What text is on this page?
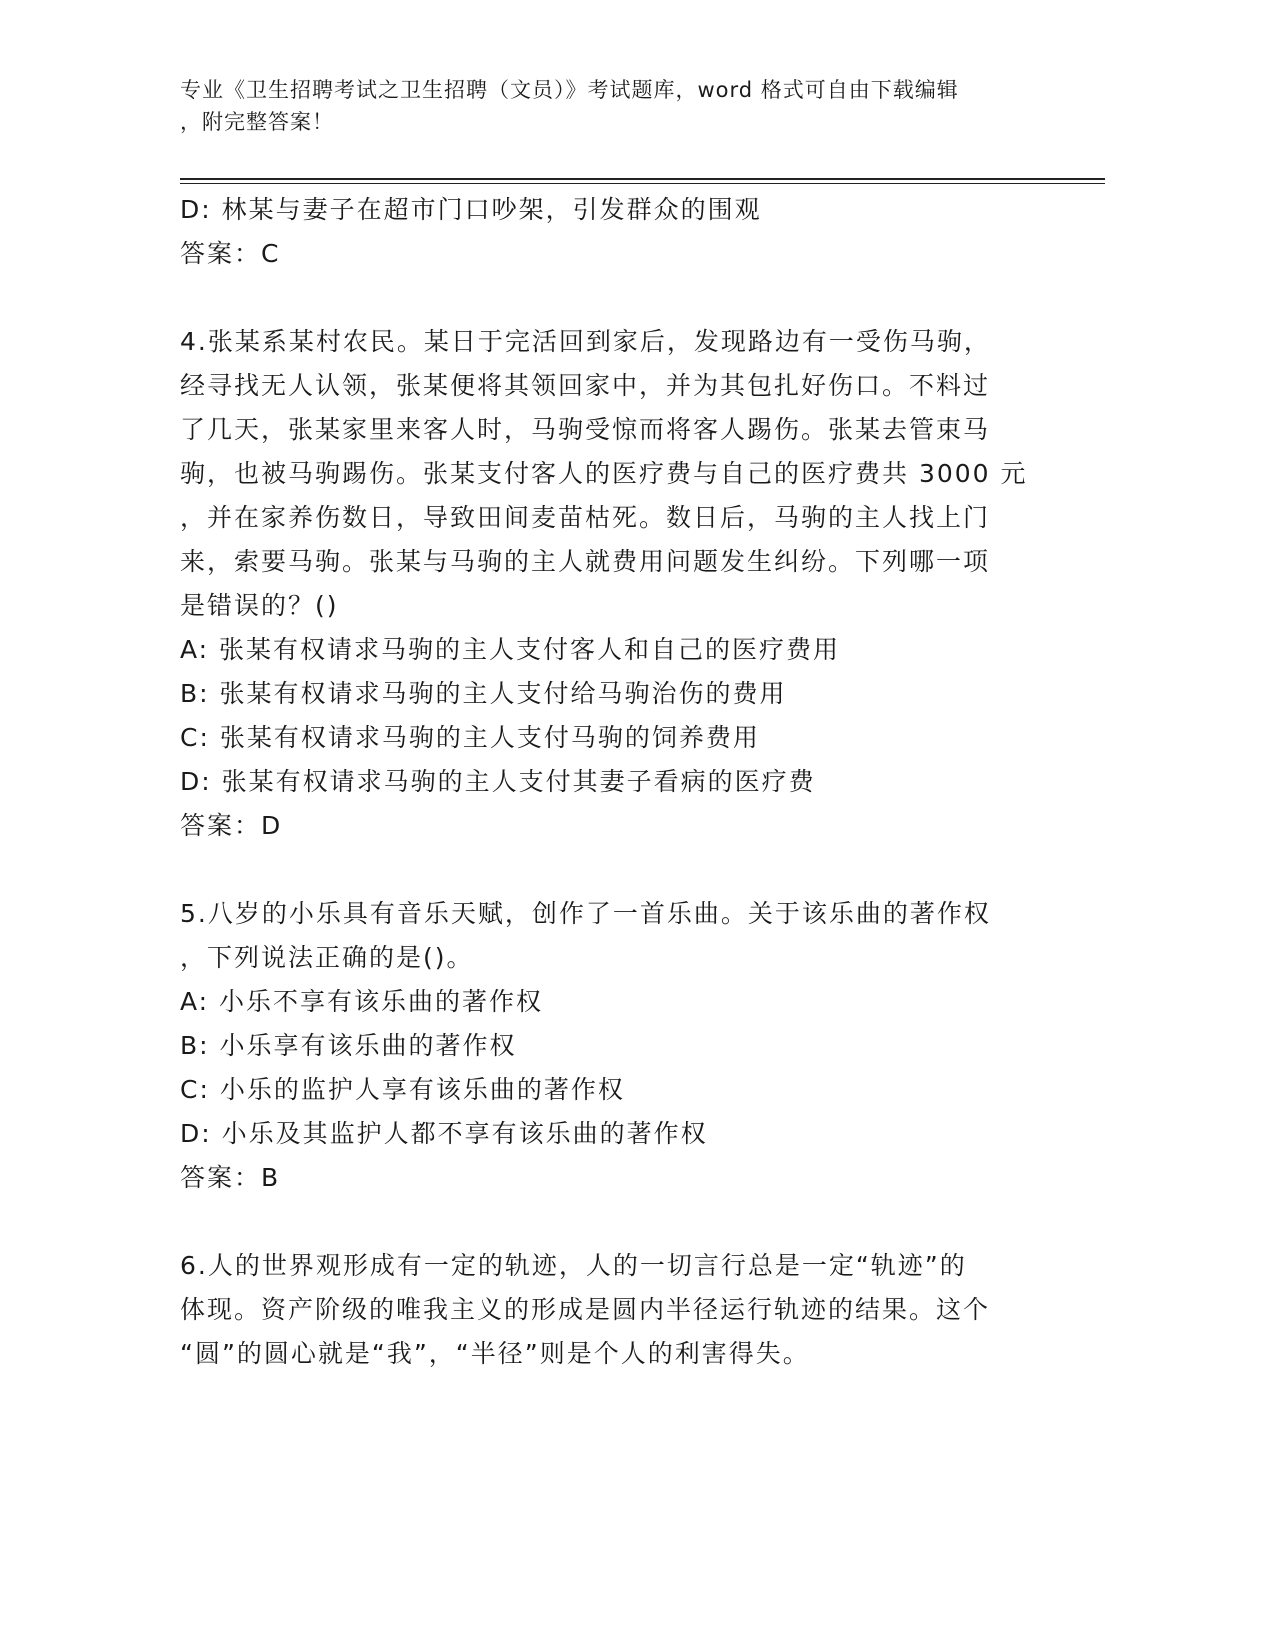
专业《卫生招聘考试之卫生招聘（文员）》考试题库，word 格式可自由下载编辑
，附完整答案！
D: 林某与妻子在超市门口吵架，引发群众的围观
答案：C
4.张某系某村农民。某日于完活回到家后，发现路边有一受伤马驹，
经寻找无人认领，张某便将其领回家中，并为其包扎好伤口。不料过
了几天，张某家里来客人时，马驹受惊而将客人踢伤。张某去管束马
驹，也被马驹踢伤。张某支付客人的医疗费与自己的医疗费共 3000 元
，并在家养伤数日，导致田间麦苗枯死。数日后，马驹的主人找上门
来，索要马驹。张某与马驹的主人就费用问题发生纠纷。下列哪一项
是错误的？()
A: 张某有权请求马驹的主人支付客人和自己的医疗费用
B: 张某有权请求马驹的主人支付给马驹治伤的费用
C: 张某有权请求马驹的主人支付马驹的饲养费用
D: 张某有权请求马驹的主人支付其妻子看病的医疗费
答案：D
5.八岁的小乐具有音乐天赋，创作了一首乐曲。关于该乐曲的著作权
，下列说法正确的是()。
A: 小乐不享有该乐曲的著作权
B: 小乐享有该乐曲的著作权
C: 小乐的监护人享有该乐曲的著作权
D: 小乐及其监护人都不享有该乐曲的著作权
答案：B
6.人的世界观形成有一定的轨迹，人的一切言行总是一定“轨迹”的
体现。资产阶级的唯我主义的形成是圆内半径运行轨迹的结果。这个
“圆”的圆心就是“我”，“半径”则是个人的利害得失。
